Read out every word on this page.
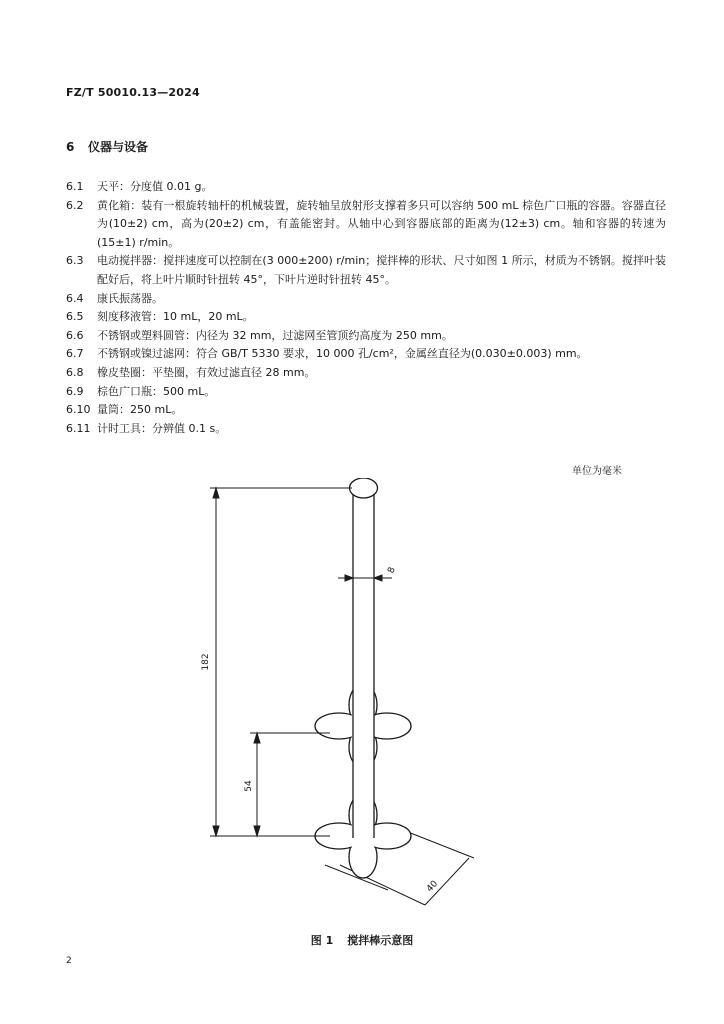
FZ/T 50010.13—2024
6 仪器与设备
6.1	天平：分度值 0.01 g。
6.2	黄化箱：装有一根旋转轴杆的机械装置，旋转轴呈放射形支撑着多只可以容纳 500 mL 棕色广口瓶的容器。容器直径为(10±2) cm，高为(20±2) cm，有盖能密封。从轴中心到容器底部的距离为(12±3) cm。轴和容器的转速为(15±1) r/min。
6.3	电动搅拌器：搅拌速度可以控制在(3 000±200) r/min；搅拌棒的形状、尺寸如图 1 所示，材质为不锈钢。搅拌叶装配好后，将上叶片顺时针扭转 45°，下叶片逆时针扭转 45°。
6.4	康氏振荡器。
6.5	刻度移液管：10 mL，20 mL。
6.6	不锈钢或塑料圆管：内径为 32 mm，过滤网至管顶约高度为 250 mm。
6.7	不锈钢或镍过滤网：符合 GB/T 5330 要求，10 000 孔/cm²，金属丝直径为(0.030±0.003) mm。
6.8	橡皮垫圈：平垫圈，有效过滤直径 28 mm。
6.9	棕色广口瓶：500 mL。
6.10 量筒：250 mL。
6.11 计时工具：分辨值 0.1 s。
单位为毫米
182
54
8
40
图 1 搅拌棒示意图
2
